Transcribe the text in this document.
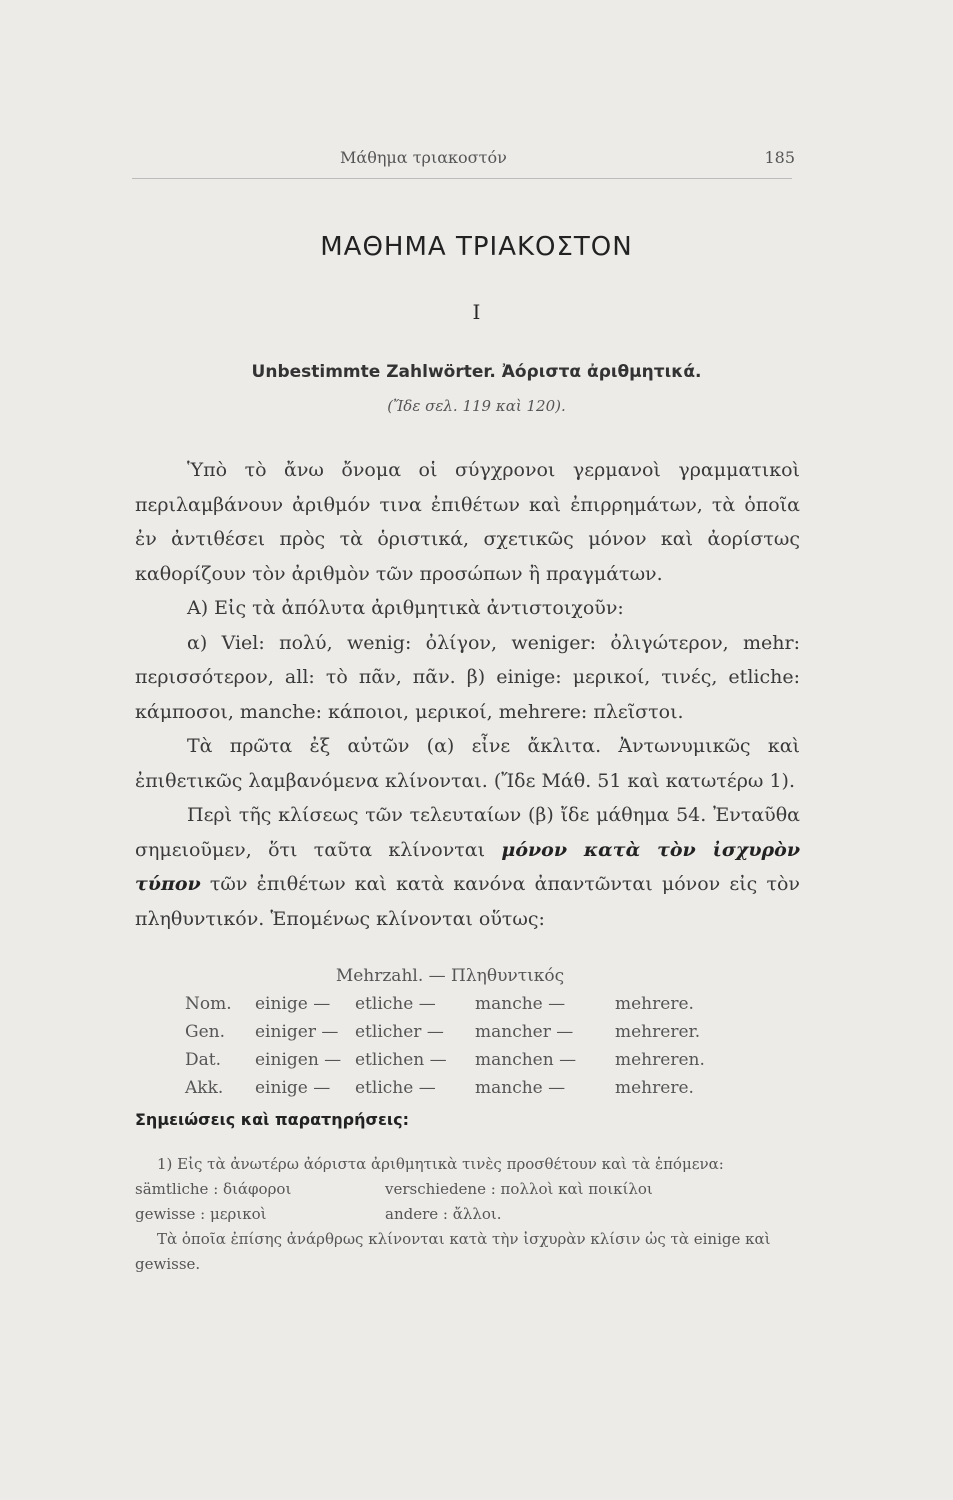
Μάθημα τριακοστόν	185
ΜΑΘΗΜΑ ΤΡΙΑΚΟΣΤΟΝ
I
Unbestimmte Zahlwörter. Ἀόριστα ἀριθμητικά.
(Ἴδε σελ. 119 καὶ 120).

Ὑπὸ τὸ ἄνω ὄνομα οἱ σύγχρονοι γερμανοὶ γραμματικοὶ περιλαμβάνουν ἀριθμόν τινα ἐπιθέτων καὶ ἐπιρρημάτων, τὰ ὁποῖα ἐν ἀντιθέσει πρὸς τὰ ὁριστικά, σχετικῶς μόνον καὶ ἀορίστως καθορίζουν τὸν ἀριθμὸν τῶν προσώπων ἢ πραγμάτων.

Α) Εἰς τὰ ἀπόλυτα ἀριθμητικὰ ἀντιστοιχοῦν:

α) Viel: πολύ, wenig: ὀλίγον, weniger: ὀλιγώτερον, mehr: περισσότερον, all: τὸ πᾶν, πᾶν. β) einige: μερικοί, τινές, etliche: κάμποσοι, manche: κάποιοι, μερικοί, mehrere: πλεῖστοι.

Τὰ πρῶτα ἐξ αὐτῶν (α) εἶνε ἄκλιτα. Ἀντωνυμικῶς καὶ ἐπιθετικῶς λαμβανόμενα κλίνονται. (Ἴδε Μάθ. 51 καὶ κατωτέρω 1).

Περὶ τῆς κλίσεως τῶν τελευταίων (β) ἴδε μάθημα 54. Ἐνταῦθα σημειοῦμεν, ὅτι ταῦτα κλίνονται μόνον κατὰ τὸν ἰσχυρὸν τύπον τῶν ἐπιθέτων καὶ κατὰ κανόνα ἀπαντῶνται μόνον εἰς τὸν πληθυντικόν. Ἑπομένως κλίνονται οὕτως:

Mehrzahl. — Πληθυντικός
Nom.	einige —	etliche —	manche —	mehrere.
Gen.	einiger — etlicher —	mancher —	mehrerer.
Dat.	einigen — etlichen —	manchen —	mehreren.
Akk.	einige —	etliche —	manche —	mehrere.
Σημειώσεις καὶ παρατηρήσεις:

1) Εἰς τὰ ἀνωτέρω ἀόριστα ἀριθμητικὰ τινὲς προσθέτουν καὶ τὰ ἑπόμενα:

sämtliche : διάφοροι	verschiedene : πολλοὶ καὶ ποικίλοι
gewisse : μερικοὶ	andere : ἄλλοι.

Τὰ ὁποῖα ἐπίσης ἀνάρθρως κλίνονται κατὰ τὴν ἰσχυρὰν κλίσιν ὡς τὰ einige καὶ gewisse.
